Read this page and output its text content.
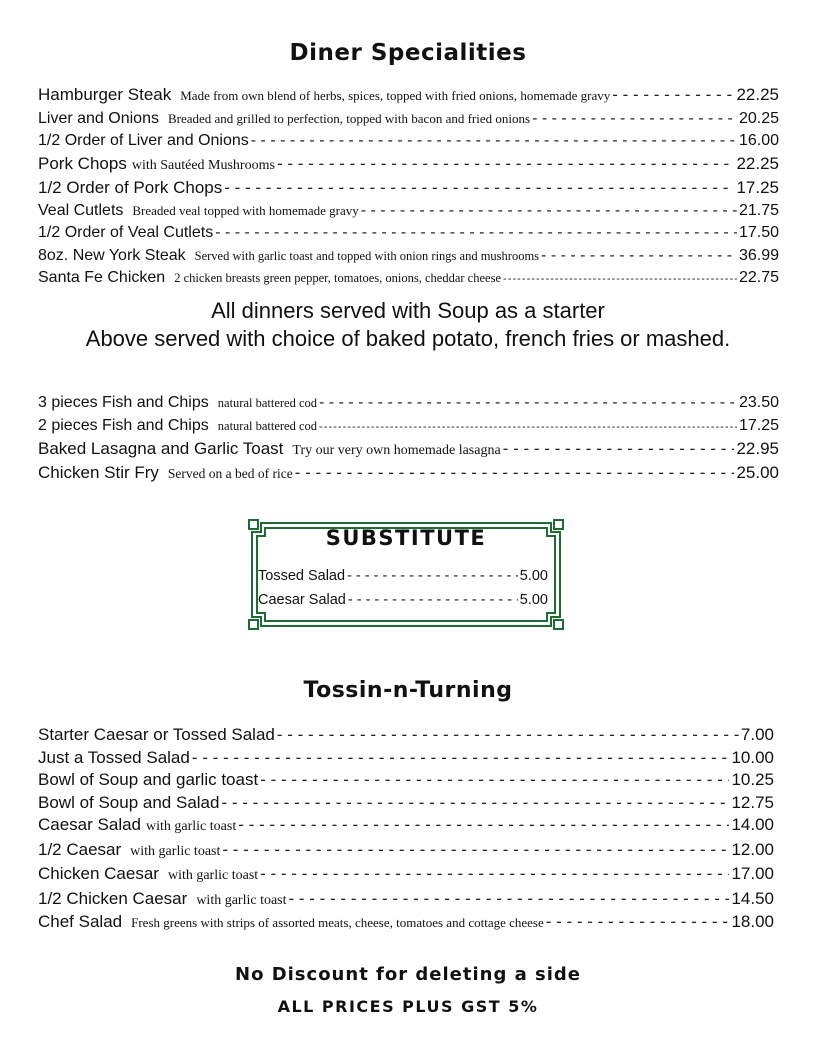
Diner Specialities
Hamburger Steak Made from own blend of herbs, spices, topped with fried onions, homemade gravy - - -	22.25
Liver and Onions Breaded and grilled to perfection, topped with bacon and fried onions - - -	20.25
1/2 Order of Liver and Onions - - -	16.00
Pork Chops with Sautéed Mushrooms - - -	22.25
1/2 Order of Pork Chops - - -	17.25
Veal Cutlets Breaded veal topped with homemade gravy - - -	21.75
1/2 Order of Veal Cutlets - - -	17.50
8oz. New York Steak Served with garlic toast and topped with onion rings and mushrooms - - -	36.99
Santa Fe Chicken 2 chicken breasts green pepper, tomatoes, onions, cheddar cheese - - -	22.75
All dinners served with Soup as a starter
Above served with choice of baked potato, french fries or mashed.
3 pieces Fish and Chips natural battered cod - - -	23.50
2 pieces Fish and Chips natural battered cod - - -	17.25
Baked Lasagna and Garlic Toast Try our very own homemade lasagna - - -	22.95
Chicken Stir Fry Served on a bed of rice - - -	25.00
SUBSTITUTE
Tossed Salad - - -	5.00
Caesar Salad - - -	5.00
Tossin-n-Turning
Starter Caesar or Tossed Salad - - -	7.00
Just a Tossed Salad - - -	10.00
Bowl of Soup and garlic toast - - -	10.25
Bowl of Soup and Salad - - -	12.75
Caesar Salad with garlic toast - - -	14.00
1/2 Caesar with garlic toast - - -	12.00
Chicken Caesar with garlic toast - - -	17.00
1/2 Chicken Caesar with garlic toast - - -	14.50
Chef Salad Fresh greens with strips of assorted meats, cheese, tomatoes and cottage cheese - - -	18.00
No Discount for deleting a side
ALL PRICES PLUS GST 5%
